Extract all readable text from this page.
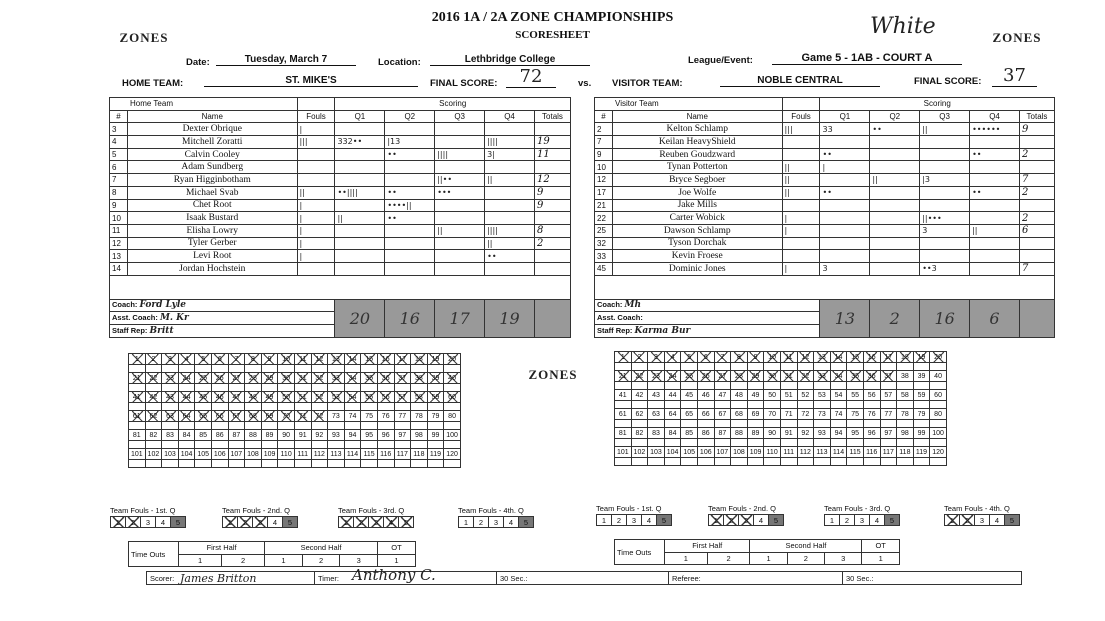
2016 1A / 2A ZONE CHAMPIONSHIPS
SCORESHEET
ZONES	ZONES
White
Date:	Tuesday, March 7	Location:	Lethbridge College	League/Event:	Game 5 - 1AB - COURT A
HOME TEAM:	ST. MIKE'S	FINAL SCORE:	72	vs. VISITOR TEAM:	NOBLE CENTRAL	FINAL SCORE:	37
Home Team			Scoring				
#	Name	Fouls	Q1	Q2	Q3	Q4	Totals
3	Dexter Obrique	|					
4	Mitchell Zoratti	|||	332••	|13		||||	19
5	Calvin Cooley			••	||||	3|	11
6	Adam Sundberg						
7	Ryan Higginbotham				||••	||	12
8	Michael Svab	||	••||||	••	•••		9
9	Chet Root	|		••••||			9
10	Isaak Bustard	|	||	••			
11	Elisha Lowry	|			||	||||	8
12	Tyler Gerber	|				||	2
13	Levi Root	|				••	
14	Jordan Hochstein						

Coach: Ford Lyle			20	16	17	19	
Asst. Coach: M. Kr							
Staff Rep: Britt							
Visitor Team			Scoring				
#	Name	Fouls	Q1	Q2	Q3	Q4	Totals
2	Kelton Schlamp	|||	33	••	||	••••••	9
7	Keilan HeavyShield						
9	Reuben Goudzward		••			••	2
10	Tynan Potterton	||	|				
12	Bryce Segboer	||		||	|3		7
17	Joe Wolfe	||	••			••	2
21	Jake Mills						
22	Carter Wobick	|			||•••		2
25	Dawson Schlamp	|			3	||	6
32	Tyson Dorchak						
33	Kevin Froese						
45	Dominic Jones	|	3		••3		7

Coach: Mh			13	2	16	6	
Asst. Coach:							
Staff Rep: Karma Bur							
1	2	3	4	5	6	7	8	9	10	11	12	13	14	15	16	17	18	19	20

21	22	23	24	25	26	27	28	29	30	31	32	33	34	35	36	37	38	39	40

41	42	43	44	45	46	47	48	49	50	51	52	53	54	55	56	57	58	59	60

61	62	63	64	65	66	67	68	69	70	71	72	73	74	75	76	77	78	79	80

81	82	83	84	85	86	87	88	89	90	91	92	93	94	95	96	97	98	99	100

101	102	103	104	105	106	107	108	109	110	111	112	113	114	115	116	117	118	119	120

ZONES
1	2	3	4	5	6	7	8	9	10	11	12	13	14	15	16	17	18	19	20

21	22	23	24	25	26	27	28	29	30	31	32	33	34	35	36	37	38	39	40

41	42	43	44	45	46	47	48	49	50	51	52	53	54	55	56	57	58	59	60

61	62	63	64	65	66	67	68	69	70	71	72	73	74	75	76	77	78	79	80

81	82	83	84	85	86	87	88	89	90	91	92	93	94	95	96	97	98	99	100

101	102	103	104	105	106	107	108	109	110	111	112	113	114	115	116	117	118	119	120

Team Fouls - 1st. Q
1	2	3	4	5
Team Fouls - 2nd. Q
1	2	3	4	5
Team Fouls - 3rd. Q
1	2	3	4	5
Team Fouls - 4th. Q
1	2	3	4	5
Team Fouls - 1st. Q
1	2	3	4	5
Team Fouls - 2nd. Q
1	2	3	4	5
Team Fouls - 3rd. Q
1	2	3	4	5
Team Fouls - 4th. Q
1	2	3	4	5
Time Outs	First Half		Second Half			OT
	1	2	1	2	3	1
Time Outs	First Half		Second Half			OT
	1	2	1	2	3	1
Scorer: James Britton	Timer: Anthony C.	30 Sec.:	Referee:	30 Sec.:
